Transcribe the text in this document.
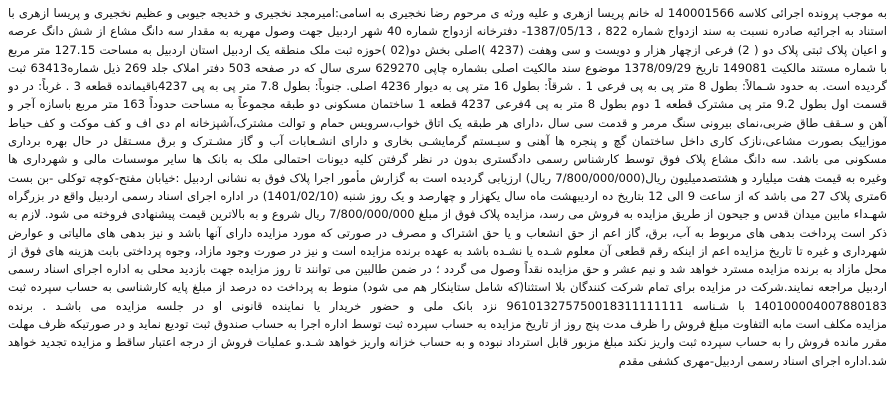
به موجب پرونده اجرائی کلاسه 140001566 له خانم پریسا ازهری و علیه ورثه ی مرحوم رضا نخجیری به اسامی:امیرمجد نخجیری و خدیجه جیوبی و عظیم نخجیری و پریسا ازهری با

استناد به اجرائیه صادره نسبت به سند ازدواج شماره 822 ، 1387/05/13- دفترخانه ازدواج شماره 40 شهر اردبیل جهت وصول مهریه به مقدار سه دانگ مشاع از شش دانگ عرصه

و اعیان پلاک ثبتی پلاک دو ( 2) فرعی ازچهار هزار و دویست و سی وهفت (4237 )اصلی بخش دو(02 )حوزه ثبت ملک منطقه یک اردبیل استان اردبیل به مساحت 127.15 متر مربع

با شماره مستند مالکیت 149081 تاریخ 1378/09/29 موضوع سند مالکیت اصلی بشماره چاپی 629270 سری سال که در صفحه 503 دفتر املاک جلد 269 ذیل شماره63413 ثبت

گردیده است. به حدود شـمالاً: بطول 8 متر پی به پی فرعی 1 . شرقاً: بطول 16 متر پی به دیوار 4236 اصلی. جنوباً: بطول 7.8 متر پی به پی 4237باقیمانده قطعه 3 . غرباً: در دو

قسمت اول بطول 9.2 متر پی مشترک قطعه 1 دوم بطول 8 متر به پی 4فرعی 4237 قطعه 1 ساختمان مسکونی دو طبقه مجموعاً به مساحت حدوداً 163 متر مربع باسازه آجر و

آهن و سـقف طاق ضربی،نمای بیرونی سنگ مرمر و قدمت سی سال ،دارای هر طبقه یک اتاق خواب،سرویس حمام و توالت مشترک،آشپزخانه ام دی اف و کف موکت و کف حیاط

موزاییک بصورت مشاعی،نازک کاری داخل ساختمان گچ و پنجره ها آهنی و سیـستم گرمایشـی بخاری و دارای انشـعابات آب و گاز مشـترک و برق مسـتقل در حال بهره برداری

مسکونی می باشد. سه دانگ مشاع پلاک فوق توسط کارشناس رسمی دادگستری بدون در نظر گرفتن کلیه دیونات احتمالی ملک به بانک ها سایر موسسات مالی و شهرداری ها

وغیره به قیمت هفت میلیارد و هشتصدمیلیون ریال(7/800/000/000 ریال) ارزیابی گردیده است به گزارش مأمور اجرا پلاک فوق به نشانی اردبیل :خیابان مفتح-کوچه توکلی -بن بست

6متری پلاک 27 می باشد که از ساعت 9 الی 12 بتاریخ ده اردیبهشت ماه سال یکهزار و چهارصد و یک روز شنبه (1401/02/10) در اداره اجرای اسناد رسمی اردبیل واقع در بزرگراه

شهـداء مابین میدان قدس و جیحون از طریق مزایده به فروش می رسد، مزایده پلاک فوق از مبلغ 7/800/000/000 ریال شروع و به بالاترین قیمت پیشنهادی فروخته می شود. لازم به

ذکر است پرداخت بدهی های مربوط به آب، برق، گاز اعم از حق انشعاب و یا حق اشتراک و مصرف در صورتی که مورد مزایده دارای آنها باشد و نیز بدهی های مالیاتی و عوارض

شهرداری و غیره تا تاریخ مزایده اعم از اینکه رقم قطعی آن معلوم شـده یا نشـده باشد به عهده برنده مزایده است و نیز در صورت وجود مازاد، وجوه پرداختی بابت هزینه های فوق از

محل مازاد به برنده مزایده مسترد خواهد شد و نیم عشر و حق مزایده نقداً وصول می گردد ؛ در ضمن طالبین می توانند تا روز مزایده جهت بازدید محلی به اداره اجرای اسناد رسمی

اردبیل مراجعه نمایند.شرکت در مزایده برای تمام شرکت کنندگان بلا استثنا(که شامل ستاینکار هم می شود) منوط به پرداخت ده درصد از مبلغ پایه کارشناسی به حساب سپرده ثبت

140100004007880183 با شـناسه 961013275750018311111111 نزد بانک ملی و حضور خریدار یا نماینده قانونی او در جلسه مزایده می باشـد . برنده

مزایده مکلف است مابه التفاوت مبلغ فروش را ظرف مدت پنج روز از تاریخ مزایده به حساب سپرده ثبت توسط اداره اجرا به حساب صندوق ثبت تودیع نماید و در صورتیکه ظرف مهلت

مقرر مانده فروش را به حساب سپرده ثبت واریز نکند مبلغ مزبور قابل استرداد نبوده و به حساب خزانه واریز خواهد شـد.و عملیات فروش از درجه اعتبار ساقط و مزایده تجدید خواهد

شد.اداره اجرای اسناد رسمی اردبیل-مهری کشفی مقدم
